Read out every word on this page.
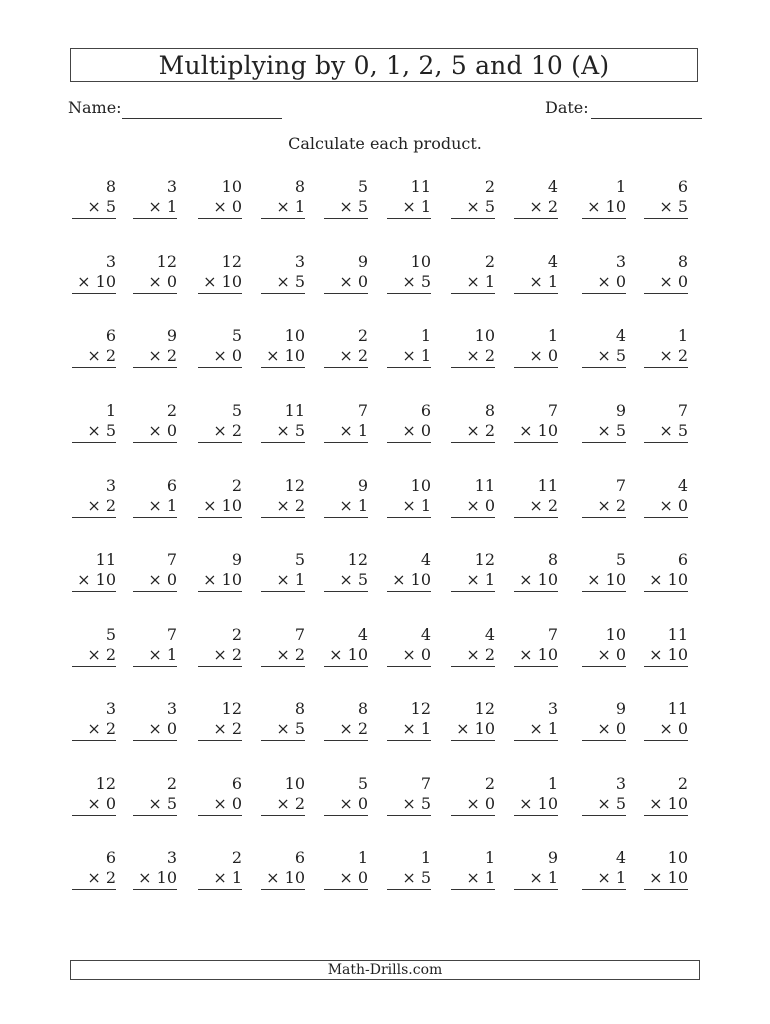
Multiplying by 0, 1, 2, 5 and 10 (A)
Name:	Date:
Calculate each product.
8
× 5
3
× 1
10
× 0
8
× 1
5
× 5
11
× 1
2
× 5
4
× 2
1
× 10
6
× 5
3
× 10
12
× 0
12
× 10
3
× 5
9
× 0
10
× 5
2
× 1
4
× 1
3
× 0
8
× 0
6
× 2
9
× 2
5
× 0
10
× 10
2
× 2
1
× 1
10
× 2
1
× 0
4
× 5
1
× 2
1
× 5
2
× 0
5
× 2
11
× 5
7
× 1
6
× 0
8
× 2
7
× 10
9
× 5
7
× 5
3
× 2
6
× 1
2
× 10
12
× 2
9
× 1
10
× 1
11
× 0
11
× 2
7
× 2
4
× 0
11
× 10
7
× 0
9
× 10
5
× 1
12
× 5
4
× 10
12
× 1
8
× 10
5
× 10
6
× 10
5
× 2
7
× 1
2
× 2
7
× 2
4
× 10
4
× 0
4
× 2
7
× 10
10
× 0
11
× 10
3
× 2
3
× 0
12
× 2
8
× 5
8
× 2
12
× 1
12
× 10
3
× 1
9
× 0
11
× 0
12
× 0
2
× 5
6
× 0
10
× 2
5
× 0
7
× 5
2
× 0
1
× 10
3
× 5
2
× 10
6
× 2
3
× 10
2
× 1
6
× 10
1
× 0
1
× 5
1
× 1
9
× 1
4
× 1
10
× 10
Math-Drills.com
